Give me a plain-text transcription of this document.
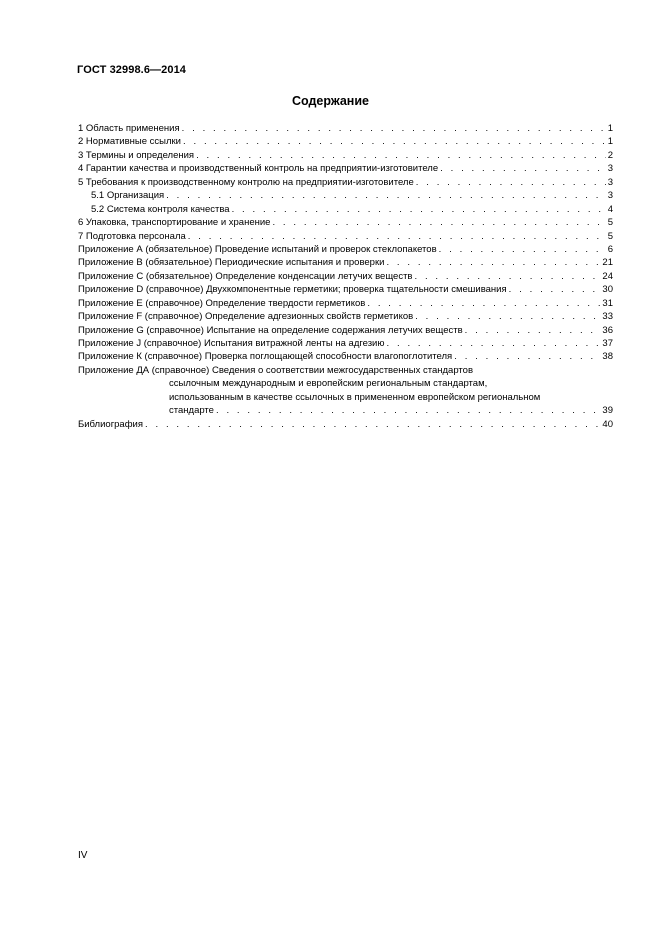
ГОСТ 32998.6—2014
Содержание
1 Область применения . . .	1
2 Нормативные ссылки . . .	1
3 Термины и определения . . .	2
4 Гарантии качества и производственный контроль на предприятии-изготовителе . . .	3
5 Требования к производственному контролю на предприятии-изготовителе . . .	3
5.1 Организация . . .	3
5.2 Система контроля качества . . .	4
6 Упаковка, транспортирование и хранение . . .	5
7 Подготовка персонала . . .	5
Приложение А (обязательное) Проведение испытаний и проверок стеклопакетов . . .	6
Приложение В (обязательное) Периодические испытания и проверки . . .	21
Приложение С (обязательное) Определение конденсации летучих веществ . . .	24
Приложение D (справочное) Двухкомпонентные герметики; проверка тщательности смешивания . . .	30
Приложение Е (справочное) Определение твердости герметиков . . .	31
Приложение F (справочное) Определение адгезионных свойств герметиков . . .	33
Приложение G (справочное) Испытание на определение содержания летучих веществ . . .	36
Приложение J (справочное) Испытания витражной ленты на адгезию . . .	37
Приложение К (справочное) Проверка поглощающей способности влагопоглотителя . . .	38
Приложение ДА (справочное) Сведения о соответствии межгосударственных стандартов
ссылочным международным и европейским региональным стандартам,
использованным в качестве ссылочных в примененном европейском региональном
стандарте . . .	39
Библиография . . .	40
IV
